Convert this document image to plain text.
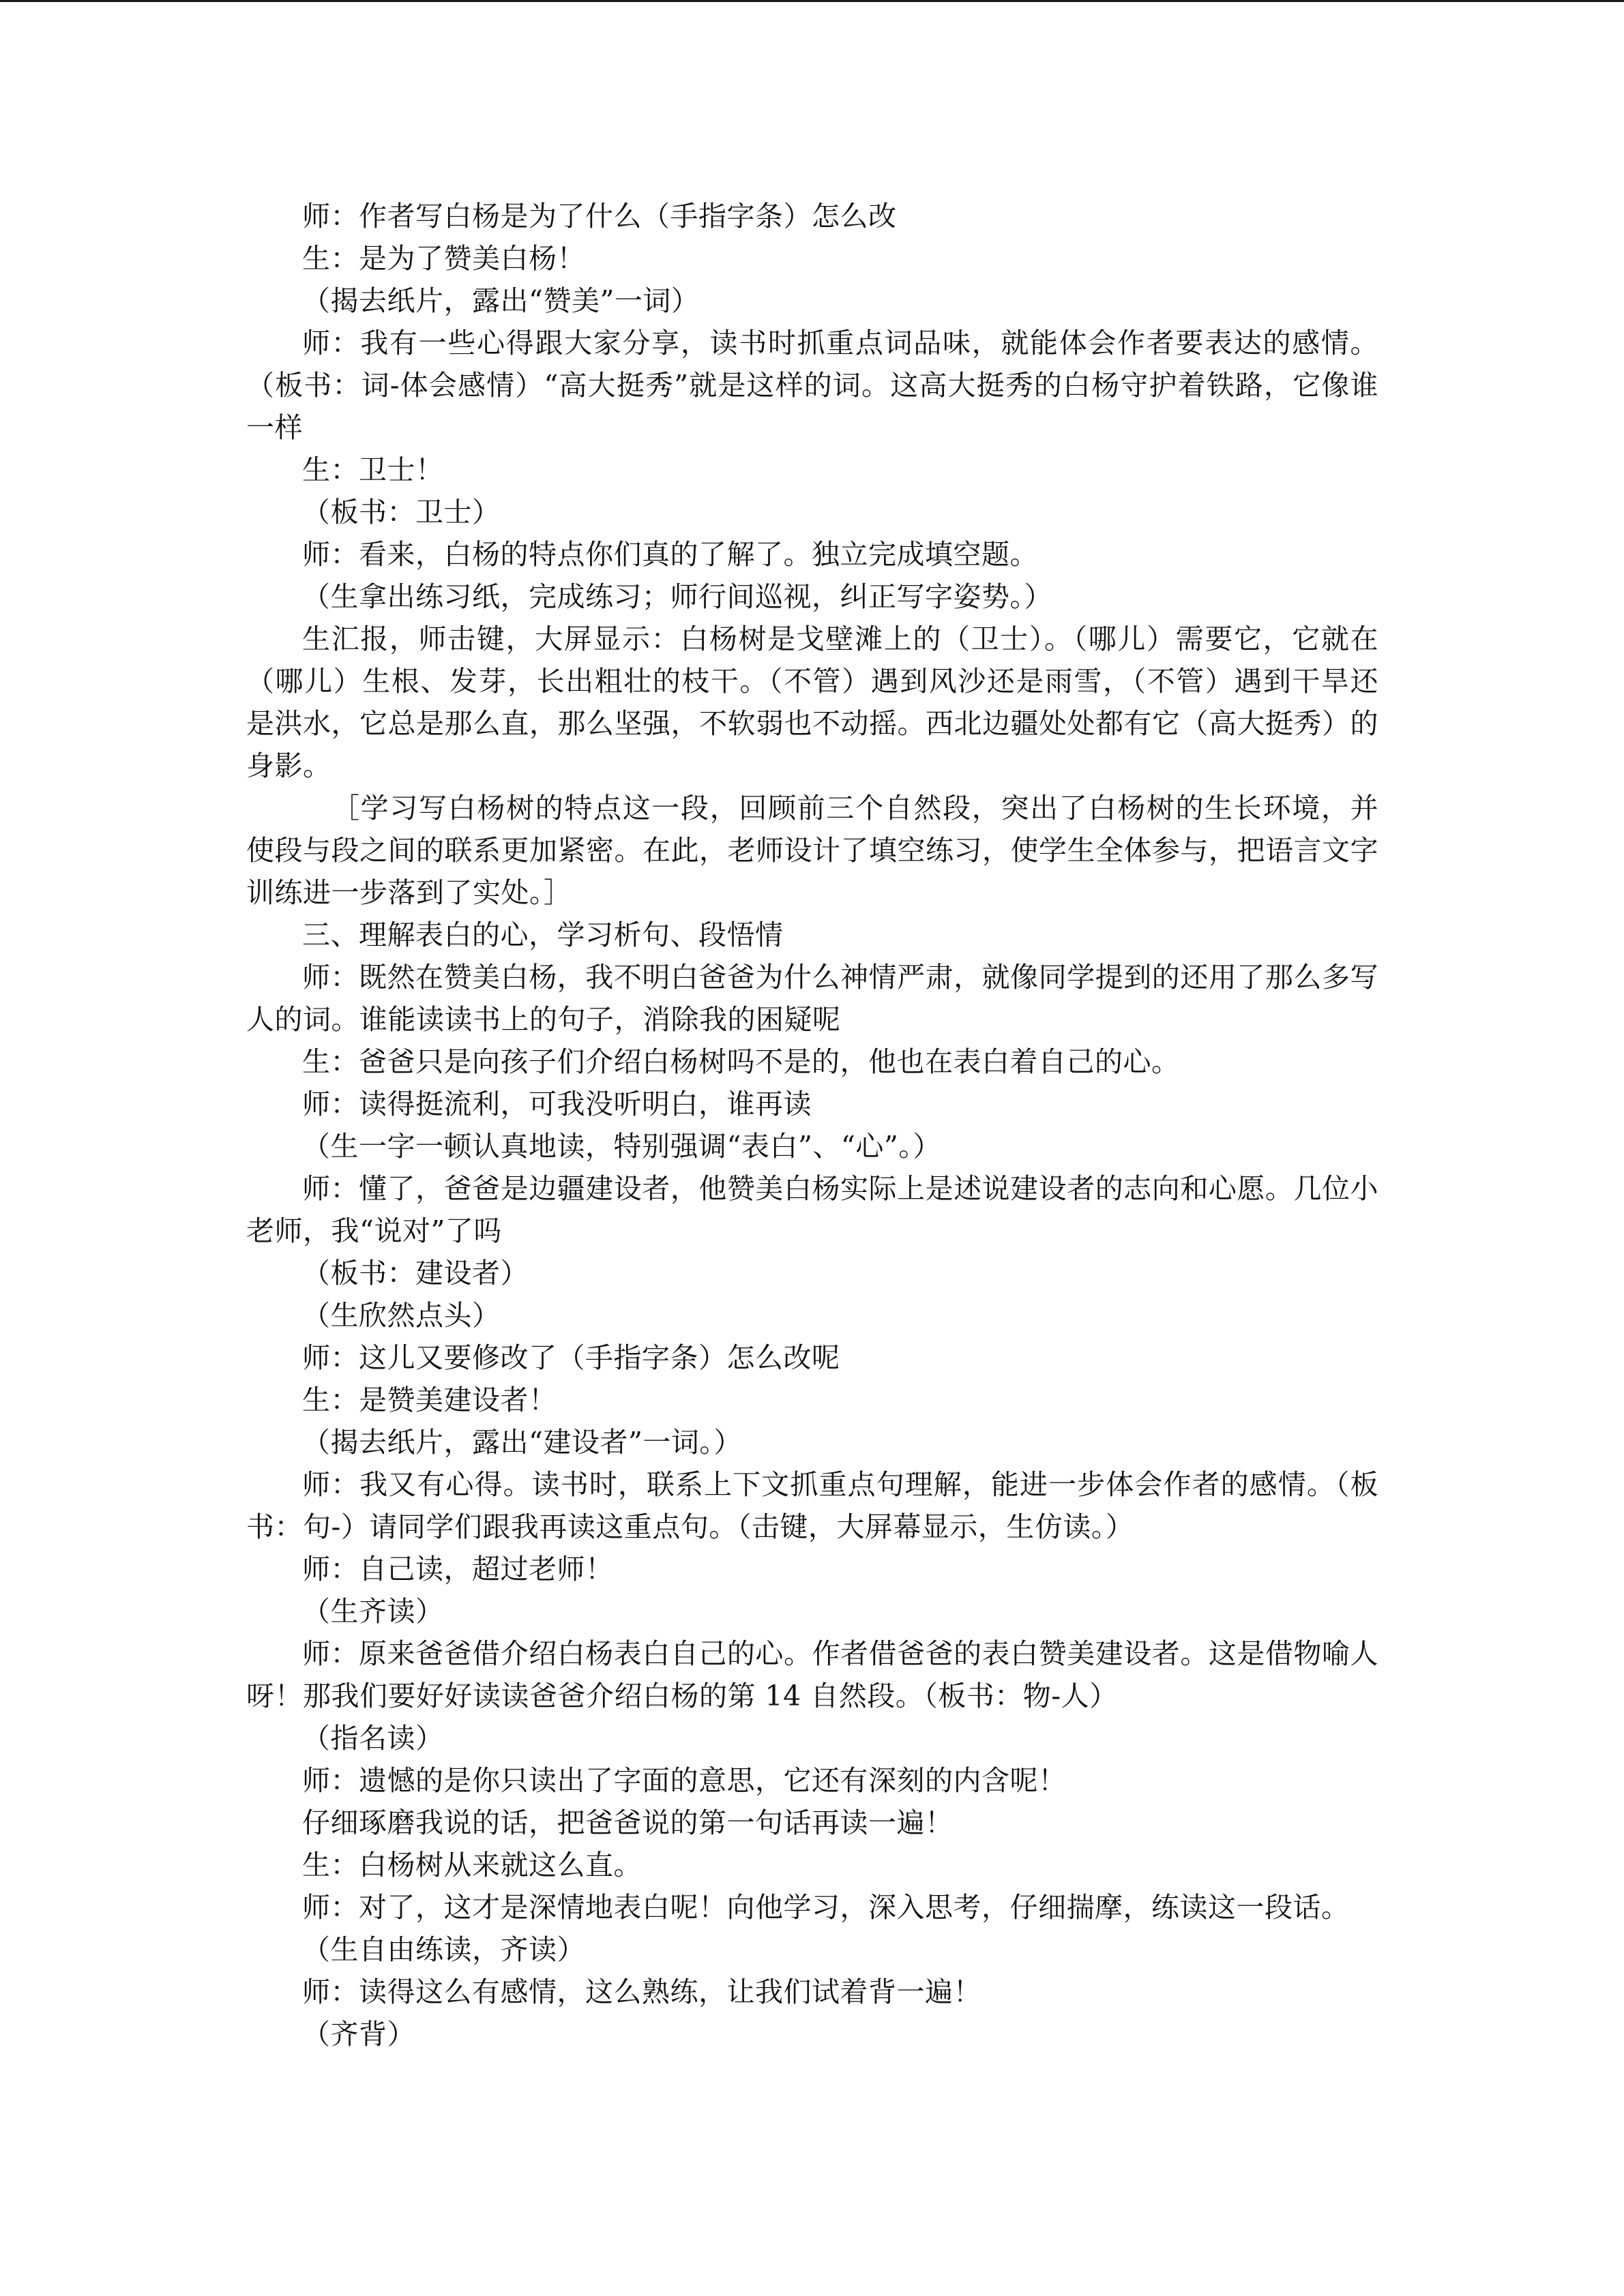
师：作者写白杨是为了什么（手指字条）怎么改

生：是为了赞美白杨！

（揭去纸片，露出“赞美”一词）

师：我有一些心得跟大家分享，读书时抓重点词品味，就能体会作者要表达的感情。（板书：词-体会感情）“高大挺秀”就是这样的词。这高大挺秀的白杨守护着铁路，它像谁一样

生：卫士！

（板书：卫士）

师：看来，白杨的特点你们真的了解了。独立完成填空题。

（生拿出练习纸，完成练习；师行间巡视，纠正写字姿势。）

生汇报，师击键，大屏显示：白杨树是戈壁滩上的（卫士）。（哪儿）需要它，它就在（哪儿）生根、发芽，长出粗壮的枝干。（不管）遇到风沙还是雨雪，（不管）遇到干旱还是洪水，它总是那么直，那么坚强，不软弱也不动摇。西北边疆处处都有它（高大挺秀）的身影。

［学习写白杨树的特点这一段，回顾前三个自然段，突出了白杨树的生长环境，并使段与段之间的联系更加紧密。在此，老师设计了填空练习，使学生全体参与，把语言文字训练进一步落到了实处。］

三、理解表白的心，学习析句、段悟情

师：既然在赞美白杨，我不明白爸爸为什么神情严肃，就像同学提到的还用了那么多写人的词。谁能读读书上的句子，消除我的困疑呢

生：爸爸只是向孩子们介绍白杨树吗不是的，他也在表白着自己的心。

师：读得挺流利，可我没听明白，谁再读

（生一字一顿认真地读，特别强调“表白”、“心”。）

师：懂了，爸爸是边疆建设者，他赞美白杨实际上是述说建设者的志向和心愿。几位小老师，我“说对”了吗

（板书：建设者）

（生欣然点头）

师：这儿又要修改了（手指字条）怎么改呢

生：是赞美建设者！

（揭去纸片，露出“建设者”一词。）

师：我又有心得。读书时，联系上下文抓重点句理解，能进一步体会作者的感情。（板书：句-）请同学们跟我再读这重点句。（击键，大屏幕显示，生仿读。）

师：自己读，超过老师！

（生齐读）

师：原来爸爸借介绍白杨表白自己的心。作者借爸爸的表白赞美建设者。这是借物喻人呀！那我们要好好读读爸爸介绍白杨的第 14 自然段。（板书：物-人）

（指名读）

师：遗憾的是你只读出了字面的意思，它还有深刻的内含呢！

仔细琢磨我说的话，把爸爸说的第一句话再读一遍！

生：白杨树从来就这么直。

师：对了，这才是深情地表白呢！向他学习，深入思考，仔细揣摩，练读这一段话。

（生自由练读，齐读）

师：读得这么有感情，这么熟练，让我们试着背一遍！

（齐背）
